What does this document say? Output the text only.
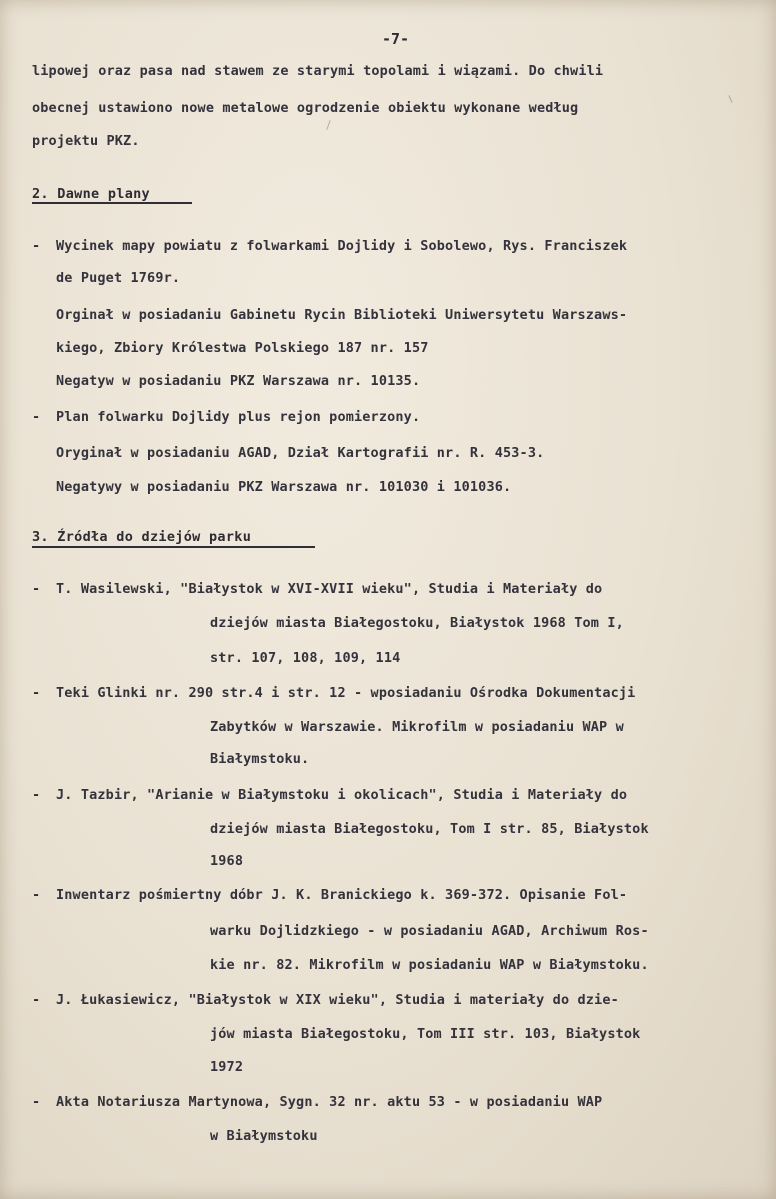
-7-
lipowej oraz pasa nad stawem ze starymi topolami i wiązami. Do chwili
obecnej ustawiono nowe metalowe ogrodzenie obiektu wykonane według
projektu PKZ.
2. Dawne plany
- Wycinek mapy powiatu z folwarkami Dojlidy i Sobolewo, Rys. Franciszek
de Puget 1769r.
Orginał w posiadaniu Gabinetu Rycin Biblioteki Uniwersytetu Warszaws-
kiego, Zbiory Królestwa Polskiego 187 nr. 157
Negatyw w posiadaniu PKZ Warszawa nr. 10135.
- Plan folwarku Dojlidy plus rejon pomierzony.
Oryginał w posiadaniu AGAD, Dział Kartografii nr. R. 453-3.
Negatywy w posiadaniu PKZ Warszawa nr. 101030 i 101036.
3. Źródła do dziejów parku
- T. Wasilewski, "Białystok w XVI-XVII wieku", Studia i Materiały do
dziejów miasta Białegostoku, Białystok 1968 Tom I,
str. 107, 108, 109, 114
- Teki Glinki nr. 290 str.4 i str. 12 - wposiadaniu Ośrodka Dokumentacji
Zabytków w Warszawie. Mikrofilm w posiadaniu WAP w
Białymstoku.
- J. Tazbir, "Arianie w Białymstoku i okolicach", Studia i Materiały do
dziejów miasta Białegostoku, Tom I str. 85, Białystok
1968
- Inwentarz pośmiertny dóbr J. K. Branickiego k. 369-372. Opisanie Fol-
warku Dojlidzkiego - w posiadaniu AGAD, Archiwum Ros-
kie nr. 82. Mikrofilm w posiadaniu WAP w Białymstoku.
- J. Łukasiewicz, "Białystok w XIX wieku", Studia i materiały do dzie-
jów miasta Białegostoku, Tom III str. 103, Białystok
1972
- Akta Notariusza Martynowa, Sygn. 32 nr. aktu 53 - w posiadaniu WAP
w Białymstoku
